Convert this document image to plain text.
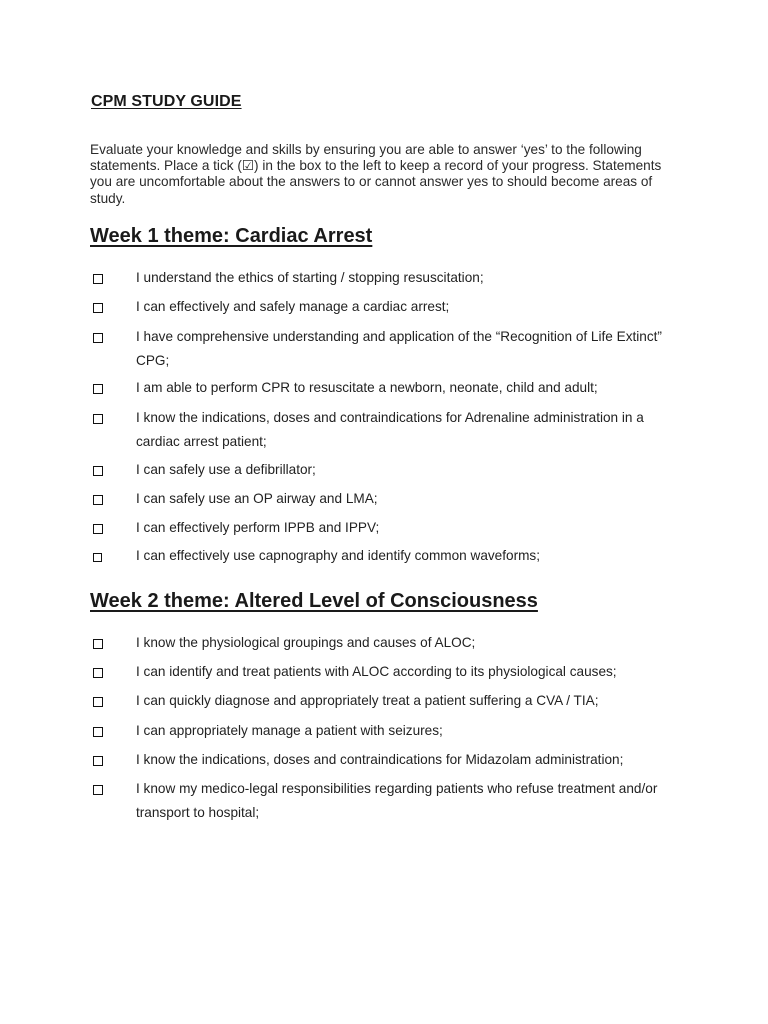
CPM STUDY GUIDE

Evaluate your knowledge and skills by ensuring you are able to answer ‘yes’ to the following statements. Place a tick (☑) in the box to the left to keep a record of your progress. Statements you are uncomfortable about the answers to or cannot answer yes to should become areas of study.

Week 1 theme: Cardiac Arrest
I understand the ethics of starting / stopping resuscitation;
I can effectively and safely manage a cardiac arrest;
I have comprehensive understanding and application of the “Recognition of Life Extinct” CPG;
I am able to perform CPR to resuscitate a newborn, neonate, child and adult;
I know the indications, doses and contraindications for Adrenaline administration in a cardiac arrest patient;
I can safely use a defibrillator;
I can safely use an OP airway and LMA;
I can effectively perform IPPB and IPPV;
I can effectively use capnography and identify common waveforms;
Week 2 theme: Altered Level of Consciousness
I know the physiological groupings and causes of ALOC;
I can identify and treat patients with ALOC according to its physiological causes;
I can quickly diagnose and appropriately treat a patient suffering a CVA / TIA;
I can appropriately manage a patient with seizures;
I know the indications, doses and contraindications for Midazolam administration;
I know my medico-legal responsibilities regarding patients who refuse treatment and/or transport to hospital;
